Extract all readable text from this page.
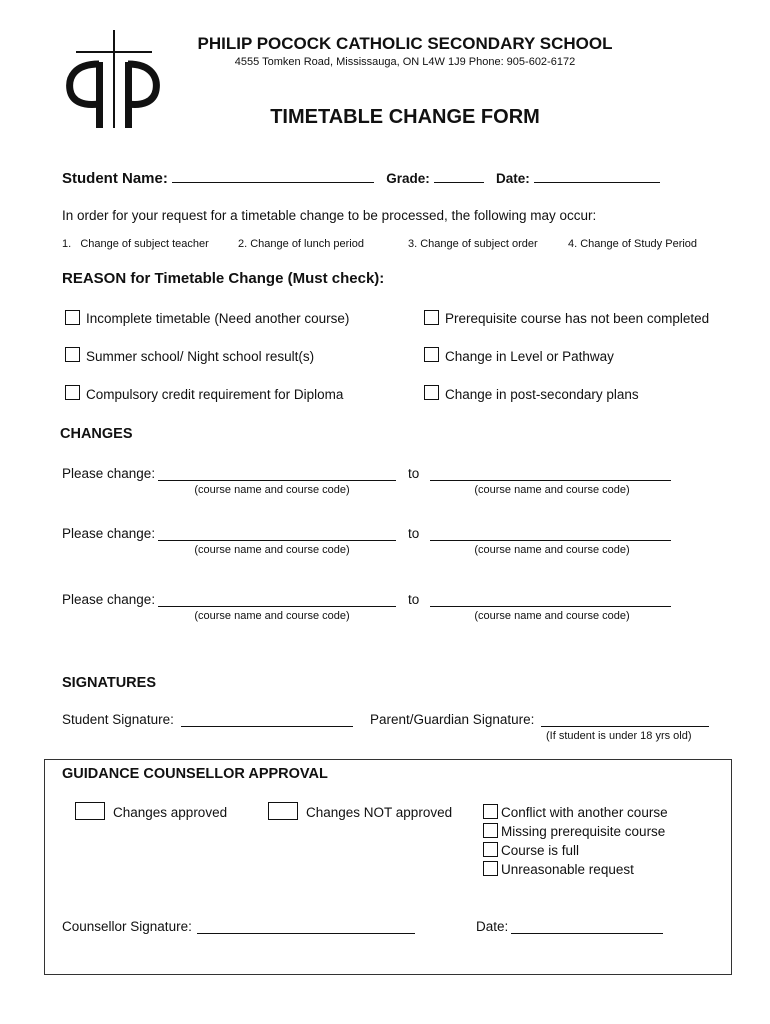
PHILIP POCOCK CATHOLIC SECONDARY SCHOOL
4555 Tomken Road, Mississauga, ON L4W 1J9 Phone: 905-602-6172
TIMETABLE CHANGE FORM
Student Name:	Grade:	Date:
In order for your request for a timetable change to be processed, the following may occur:
1.   Change of subject teacher	2. Change of lunch period	3. Change of subject order	4. Change of Study Period
REASON for Timetable Change (Must check):
Incomplete timetable (Need another course)	Prerequisite course has not been completed
Summer school/ Night school result(s)	Change in Level or Pathway
Compulsory credit requirement for Diploma	Change in post-secondary plans
CHANGES
Please change:	to
(course name and course code)	(course name and course code)
Please change:	to
(course name and course code)	(course name and course code)
Please change:	to
(course name and course code)	(course name and course code)
SIGNATURES
Student Signature:	Parent/Guardian Signature:
(If student is under 18 yrs old)
GUIDANCE COUNSELLOR APPROVAL
Changes approved	Changes NOT approved	Conflict with another course
Missing prerequisite course
Course is full
Unreasonable request
Counsellor Signature:	Date:
